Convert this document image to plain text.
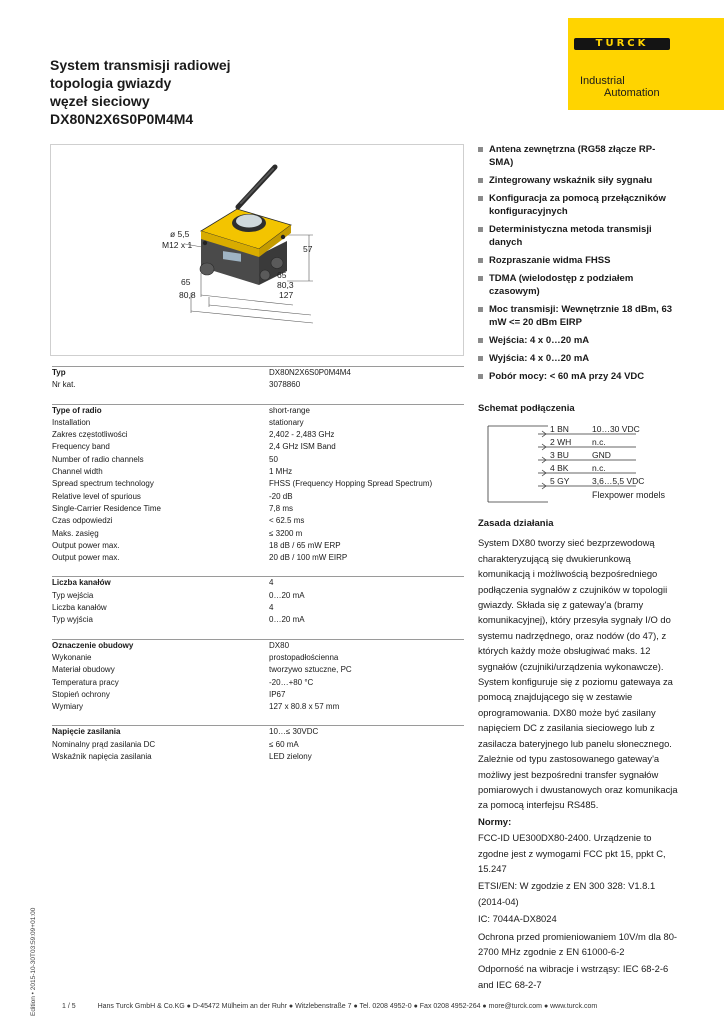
System transmisji radiowej
topologia gwiazdy
węzeł sieciowy
DX80N2X6S0P0M4M4
TURCK
Industrial
Automation
ø 5,5
M12 x 1	57
65
80,8
65
80,3
127
Antena zewnętrzna (RG58 złącze RP-SMA)
Zintegrowany wskaźnik siły sygnału
Konfiguracja za pomocą przełączników konfiguracyjnych
Deterministyczna metoda transmisji danych
Rozpraszanie widma FHSS
TDMA (wielodostęp z podziałem czasowym)
Moc transmisji: Wewnętrznie 18 dBm, 63 mW <= 20 dBm EIRP
Wejścia: 4 x 0…20 mA
Wyjścia: 4 x 0…20 mA
Pobór mocy: < 60 mA przy 24 VDC
Typ	DX80N2X6S0P0M4M4
Nr kat.	3078860
Type of radio	short-range
Installation	stationary
Zakres częstotliwości	2,402 - 2,483 GHz
Frequency band	2,4 GHz ISM Band
Number of radio channels	50
Channel width	1 MHz
Spread spectrum technology	FHSS (Frequency Hopping Spread Spectrum)
Relative level of spurious	-20 dB
Single-Carrier Residence Time	7,8 ms
Czas odpowiedzi	< 62.5 ms
Maks. zasięg	≤ 3200 m
Output power max.	18 dB / 65 mW ERP
Output power max.	20 dB / 100 mW EIRP
Liczba kanałów	4
Typ wejścia	0…20 mA
Liczba kanałów	4
Typ wyjścia	0…20 mA
Oznaczenie obudowy	DX80
Wykonanie	prostopadłościenna
Materiał obudowy	tworzywo sztuczne, PC
Temperatura pracy	-20…+80 °C
Stopień ochrony	IP67
Wymiary	127 x 80.8 x 57 mm
Napięcie zasilania	10…≤ 30VDC
Nominalny prąd zasilania DC	≤ 60 mA
Wskaźnik napięcia zasilania	LED zielony
Schemat podłączenia
1 BN	10…30 VDC
2 WH n.c.
3 BU	GND
4 BK	n.c.
5 GY	3,6…5,5 VDC
Flexpower models
Zasada działania

System DX80 tworzy sieć bezprzewodową charakteryzującą się dwukierunkową komunikacją i możliwością bezpośredniego podłączenia sygnałów z czujników w topologii gwiazdy. Składa się z gateway'a (bramy komunikacyjnej), który przesyła sygnały I/O do systemu nadrzędnego, oraz nodów (do 47), z których każdy może obsługiwać maks. 12 sygnałów (czujniki/urządzenia wykonawcze). System konfiguruje się z poziomu gatewaya za pomocą znajdującego się w zestawie oprogramowania. DX80 może być zasilany napięciem DC z zasilania sieciowego lub z zasilacza bateryjnego lub panelu słonecznego. Zależnie od typu zastosowanego gateway'a możliwy jest bezpośredni transfer sygnałów pomiarowych i dwustanowych oraz komunikacja za pomocą interfejsu RS485.

Normy:

FCC-ID UE300DX80-2400. Urządzenie to zgodne jest z wymogami FCC pkt 15, ppkt C, 15.247

ETSI/EN: W zgodzie z EN 300 328: V1.8.1 (2014-04)

IC: 7044A-DX8024

Ochrona przed promieniowaniem 10V/m dla 80-2700 MHz zgodnie z EN 61000-6-2

Odporność na wibracje i wstrząsy: IEC 68-2-6 and IEC 68-2-7

Edition • 2015-10-30T03:59:09+01:00	1 / 5	Hans Turck GmbH & Co.KG ● D-45472 Mülheim an der Ruhr ● Witzlebenstraße 7 ● Tel. 0208 4952-0 ● Fax 0208 4952-264 ● more@turck.com ● www.turck.com
